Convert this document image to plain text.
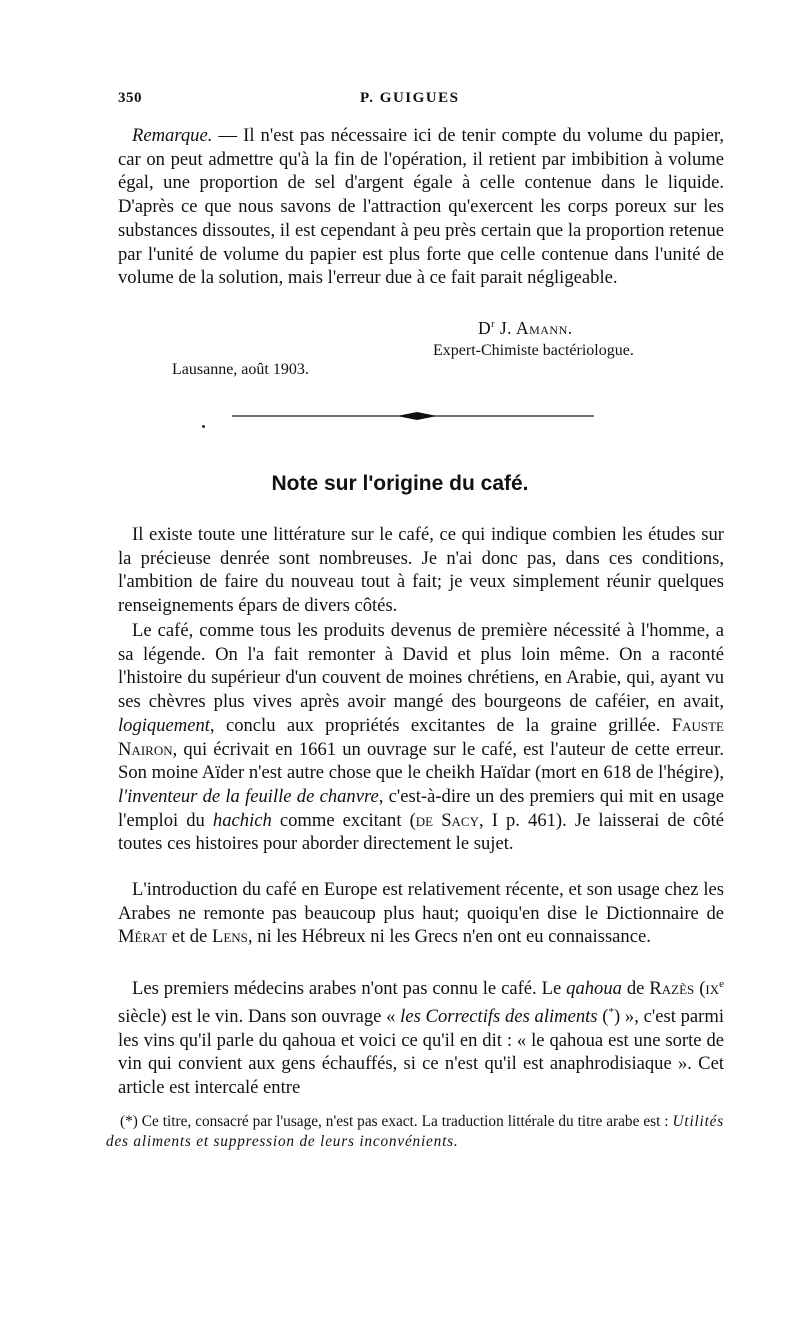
350	P. GUIGUES

Remarque. — Il n'est pas nécessaire ici de tenir compte du volume du papier, car on peut admettre qu'à la fin de l'opération, il retient par imbibition à volume égal, une proportion de sel d'argent égale à celle contenue dans le liquide. D'après ce que nous savons de l'attraction qu'exercent les corps poreux sur les substances dissoutes, il est cependant à peu près certain que la proportion retenue par l'unité de volume du papier est plus forte que celle contenue dans l'unité de volume de la solution, mais l'erreur due à ce fait parait négligeable.

$D^r$ J. Amann.
Expert-Chimiste bactériologue.
Lausanne, août 1903.
Note sur l'origine du café.

Il existe toute une littérature sur le café, ce qui indique combien les études sur la précieuse denrée sont nombreuses. Je n'ai donc pas, dans ces conditions, l'ambition de faire du nouveau tout à fait; je veux simplement réunir quelques renseignements épars de divers côtés.

Le café, comme tous les produits devenus de première nécessité à l'homme, a sa légende. On l'a fait remonter à David et plus loin même. On a raconté l'histoire du supérieur d'un couvent de moines chrétiens, en Arabie, qui, ayant vu ses chèvres plus vives après avoir mangé des bourgeons de caféier, en avait, logiquement, conclu aux propriétés excitantes de la graine grillée. Fauste Nairon, qui écrivait en 1661 un ouvrage sur le café, est l'auteur de cette erreur. Son moine Aïder n'est autre chose que le cheikh Haïdar (mort en 618 de l'hégire), l'inventeur de la feuille de chanvre, c'est-à-dire un des premiers qui mit en usage l'emploi du hachich comme excitant (de Sacy, I p. 461). Je laisserai de côté toutes ces histoires pour aborder directement le sujet.

L'introduction du café en Europe est relativement récente, et son usage chez les Arabes ne remonte pas beaucoup plus haut; quoiqu'en dise le Dictionnaire de Mérat et de Lens, ni les Hébreux ni les Grecs n'en ont eu connaissance.

Les premiers médecins arabes n'ont pas connu le café. Le qahoua de Razès ($ix^e$ siècle) est le vin. Dans son ouvrage « les Correctifs des aliments (*) », c'est parmi les vins qu'il parle du qahoua et voici ce qu'il en dit : « le qahoua est une sorte de vin qui convient aux gens échauffés, si ce n'est qu'il est anaphrodisiaque ». Cet article est intercalé entre

(*) Ce titre, consacré par l'usage, n'est pas exact. La traduction littérale du titre arabe est : Utilités des aliments et suppression de leurs inconvénients.
